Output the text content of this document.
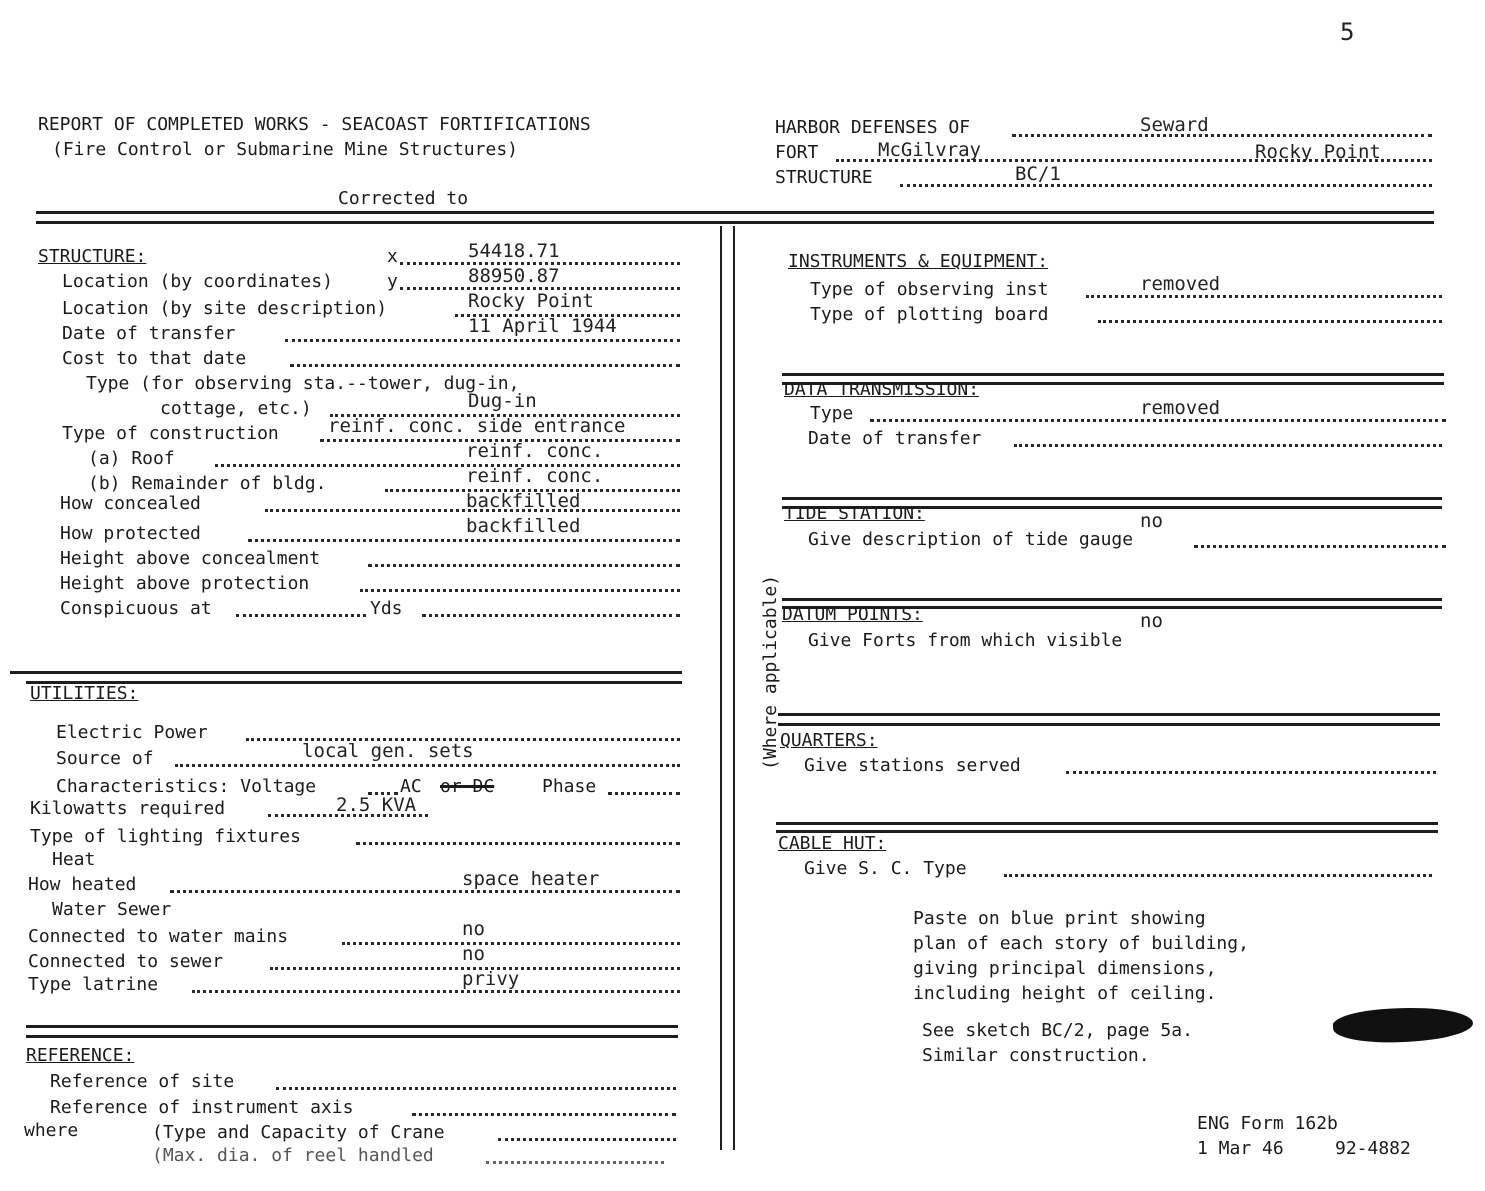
5
REPORT OF COMPLETED WORKS - SEACOAST FORTIFICATIONS
(Fire Control or Submarine Mine Structures)
Corrected to
HARBOR DEFENSES OF	Seward
FORT	McGilvray	Rocky Point
STRUCTURE	BC/1
STRUCTURE:	x	54418.71
Location (by coordinates)	y	88950.87
Location (by site description)	Rocky Point
Date of transfer	11 April 1944
Cost to that date
Type (for observing sta.--tower, dug-in,
cottage, etc.)	Dug-in
Type of construction	reinf. conc. side entrance
(a) Roof	reinf. conc.
(b) Remainder of bldg.	reinf. conc.
How concealed	backfilled
How protected	backfilled
Height above concealment
Height above protection
Conspicuous at	Yds
UTILITIES:
Electric Power
Source of	local gen. sets
Characteristics: Voltage	AC or DC	Phase
Kilowatts required	2.5 KVA
Type of lighting fixtures
Heat
How heated	space heater
Water Sewer
Connected to water mains	no
Connected to sewer	no
Type latrine	privy
REFERENCE:
Reference of site
Reference of instrument axis
where	(Type and Capacity of Crane
(Max. dia. of reel handled
INSTRUMENTS & EQUIPMENT:
Type of observing inst	removed
Type of plotting board
DATA TRANSMISSION:
Type	removed
Date of transfer
TIDE STATION:	no
Give description of tide gauge
DATUM POINTS:	no
Give Forts from which visible
(Where applicable) QUARTERS:
Give stations served
CABLE HUT:
Give S. C. Type
Paste on blue print showing
plan of each story of building,
giving principal dimensions,
including height of ceiling.
See sketch BC/2, page 5a.
Similar construction.
ENG Form 162b
1 Mar 46	92-4882
